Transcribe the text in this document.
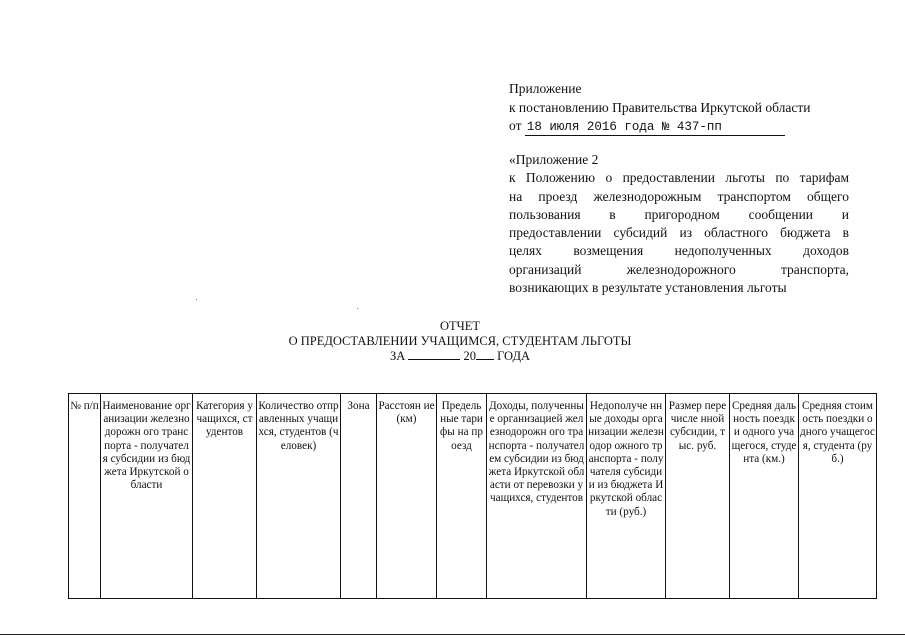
Приложение
к постановлению Правительства Иркутской области
от 18 июля 2016 года № 437-пп
«Приложение 2
к Положению о предоставлении льготы по тарифам
на проезд железнодорожным транспортом общего
пользования в пригородном сообщении и
предоставлении субсидий из областного бюджета в
целях возмещения недополученных доходов
организаций железнодорожного транспорта,
возникающих в результате установления льготы
ОТЧЕТ
О ПРЕДОСТАВЛЕНИИ УЧАЩИМСЯ, СТУДЕНТАМ ЛЬГОТЫ
ЗА	20 ГОДА
№ п/п	Наименование организации железнодорожн ого транспорта - получателя субсидии из бюджета Иркутской области	Категория учащихся, студентов	Количество отправленных учащихся, студентов (человек)	Зона	Расстоян ие (км)	Предель ные тарифы на проезд	Доходы, полученные организацией железнодорожн ого транспорта - получателем субсидии из бюджета Иркутской области от перевозки учащихся, студентов	Недополуче нные доходы организации железнодор ожного транспорта - получателя субсидии из бюджета Иркутской области (руб.)	Размер перечисле нной субсидии, тыс. руб.	Средняя дальность поездки одного учащегося, студента (км.)	Средняя стоимость поездки одного учащегося, студента (руб.)
